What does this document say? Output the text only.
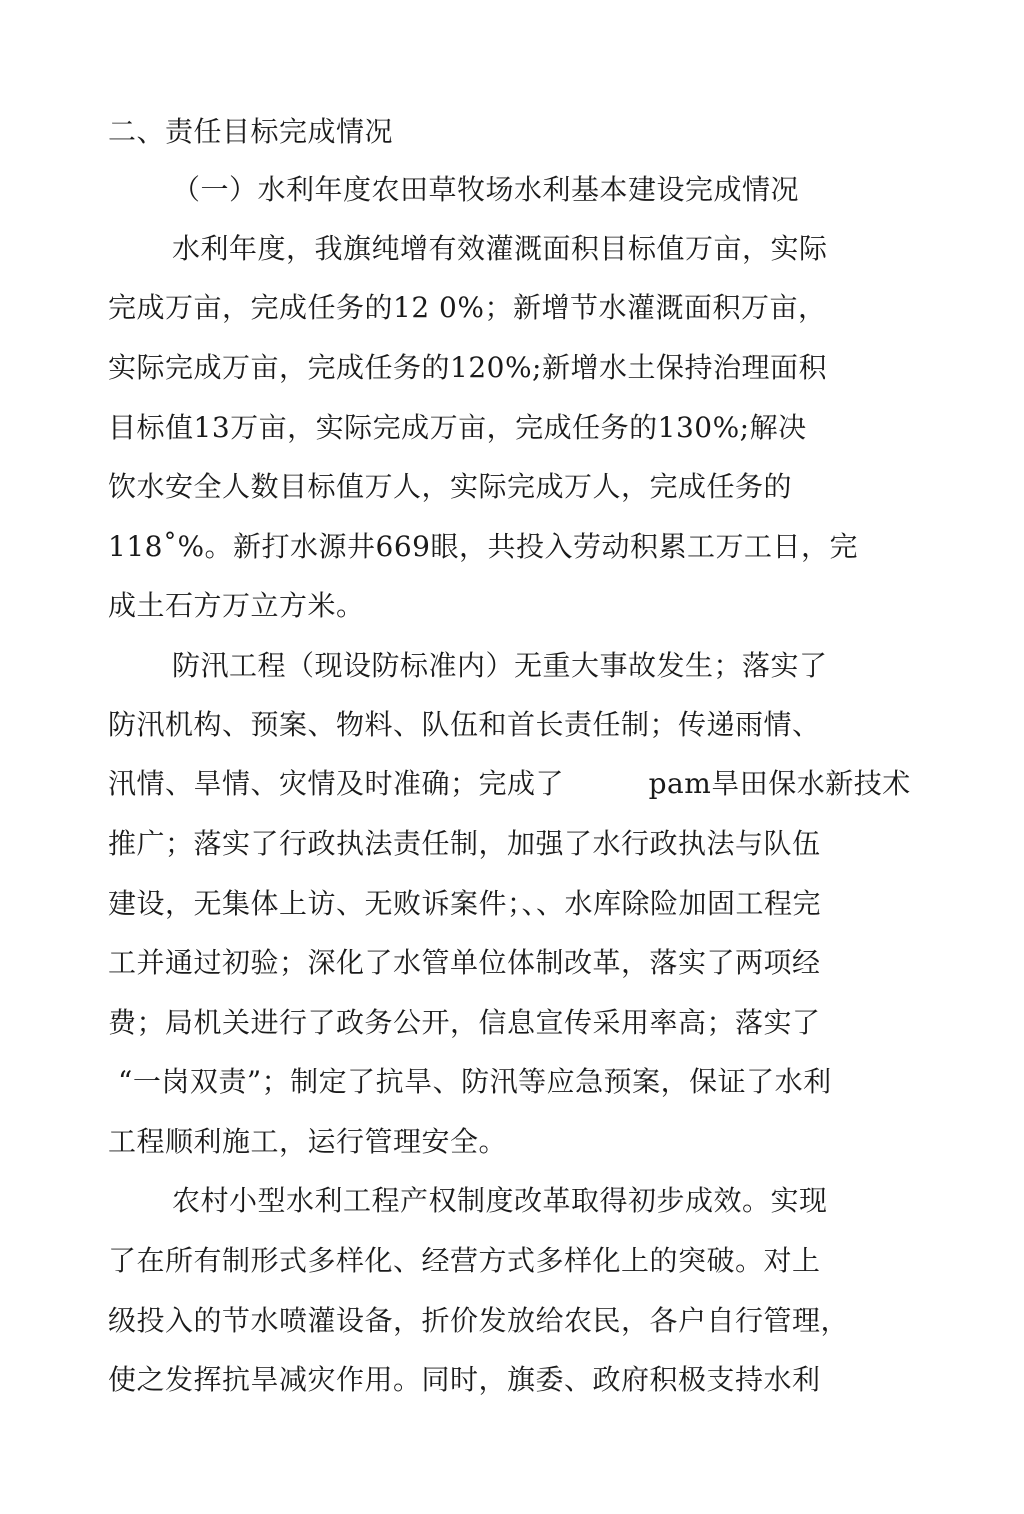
二、责任目标完成情况
（一）水利年度农田草牧场水利基本建设完成情况
水利年度，我旗纯增有效灌溉面积目标值万亩，实际
完成万亩，完成任务的12 0%；新增节水灌溉面积万亩，
实际完成万亩，完成任务的120%;新增水土保持治理面积
目标值13万亩，实际完成万亩，完成任务的130%;解决
饮水安全人数目标值万人，实际完成万人，完成任务的
118˚%。新打水源井669眼，共投入劳动积累工万工日，完
成土石方万立方米。
防汛工程（现设防标准内）无重大事故发生；落实了
防汛机构、预案、物料、队伍和首长责任制；传递雨情、
汛情、旱情、灾情及时准确；完成了         pam旱田保水新技术
推广；落实了行政执法责任制，加强了水行政执法与队伍
建设，无集体上访、无败诉案件；、、水库除险加固工程完
工并通过初验；深化了水管单位体制改革，落实了两项经
费；局机关进行了政务公开，信息宣传采用率高；落实了
“一岗双责”；制定了抗旱、防汛等应急预案，保证了水利
工程顺利施工，运行管理安全。
农村小型水利工程产权制度改革取得初步成效。实现
了在所有制形式多样化、经营方式多样化上的突破。对上
级投入的节水喷灌设备，折价发放给农民，各户自行管理，
使之发挥抗旱减灾作用。同时，旗委、政府积极支持水利
